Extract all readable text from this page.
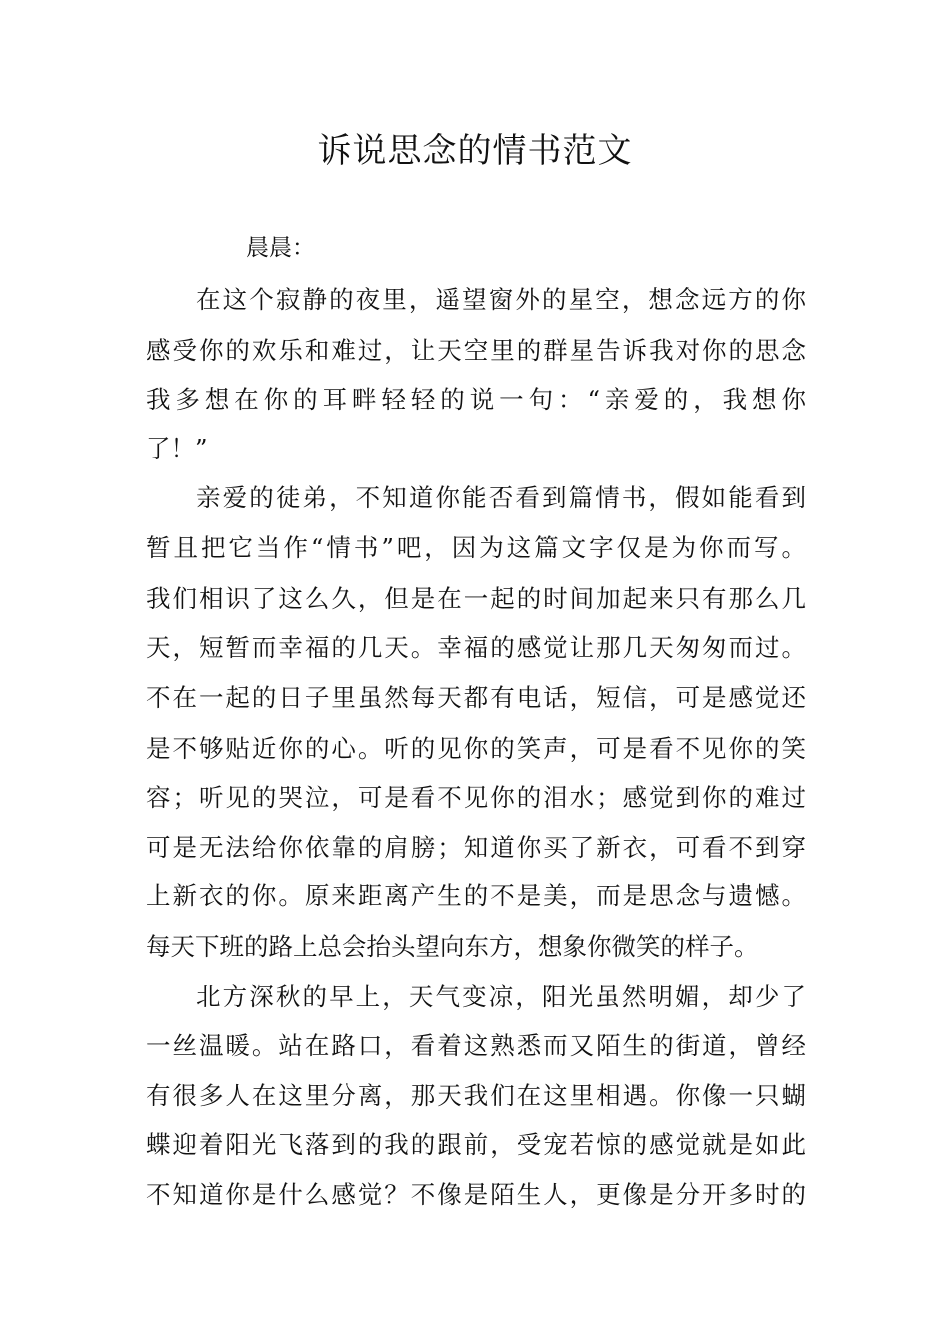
诉说思念的情书范文
晨晨：
在这个寂静的夜里，遥望窗外的星空，想念远方的你
感受你的欢乐和难过，让天空里的群星告诉我对你的思念
我多想在你的耳畔轻轻的说一句：“亲爱的，我想你
了！”
亲爱的徒弟，不知道你能否看到篇情书，假如能看到
暂且把它当作“情书”吧，因为这篇文字仅是为你而写。
我们相识了这么久，但是在一起的时间加起来只有那么几
天，短暂而幸福的几天。幸福的感觉让那几天匆匆而过。
不在一起的日子里虽然每天都有电话，短信，可是感觉还
是不够贴近你的心。听的见你的笑声，可是看不见你的笑
容；听见的哭泣，可是看不见你的泪水；感觉到你的难过
可是无法给你依靠的肩膀；知道你买了新衣，可看不到穿
上新衣的你。原来距离产生的不是美，而是思念与遗憾。
每天下班的路上总会抬头望向东方，想象你微笑的样子。
北方深秋的早上，天气变凉，阳光虽然明媚，却少了
一丝温暖。站在路口，看着这熟悉而又陌生的街道，曾经
有很多人在这里分离，那天我们在这里相遇。你像一只蝴
蝶迎着阳光飞落到的我的跟前，受宠若惊的感觉就是如此
不知道你是什么感觉？不像是陌生人，更像是分开多时的
